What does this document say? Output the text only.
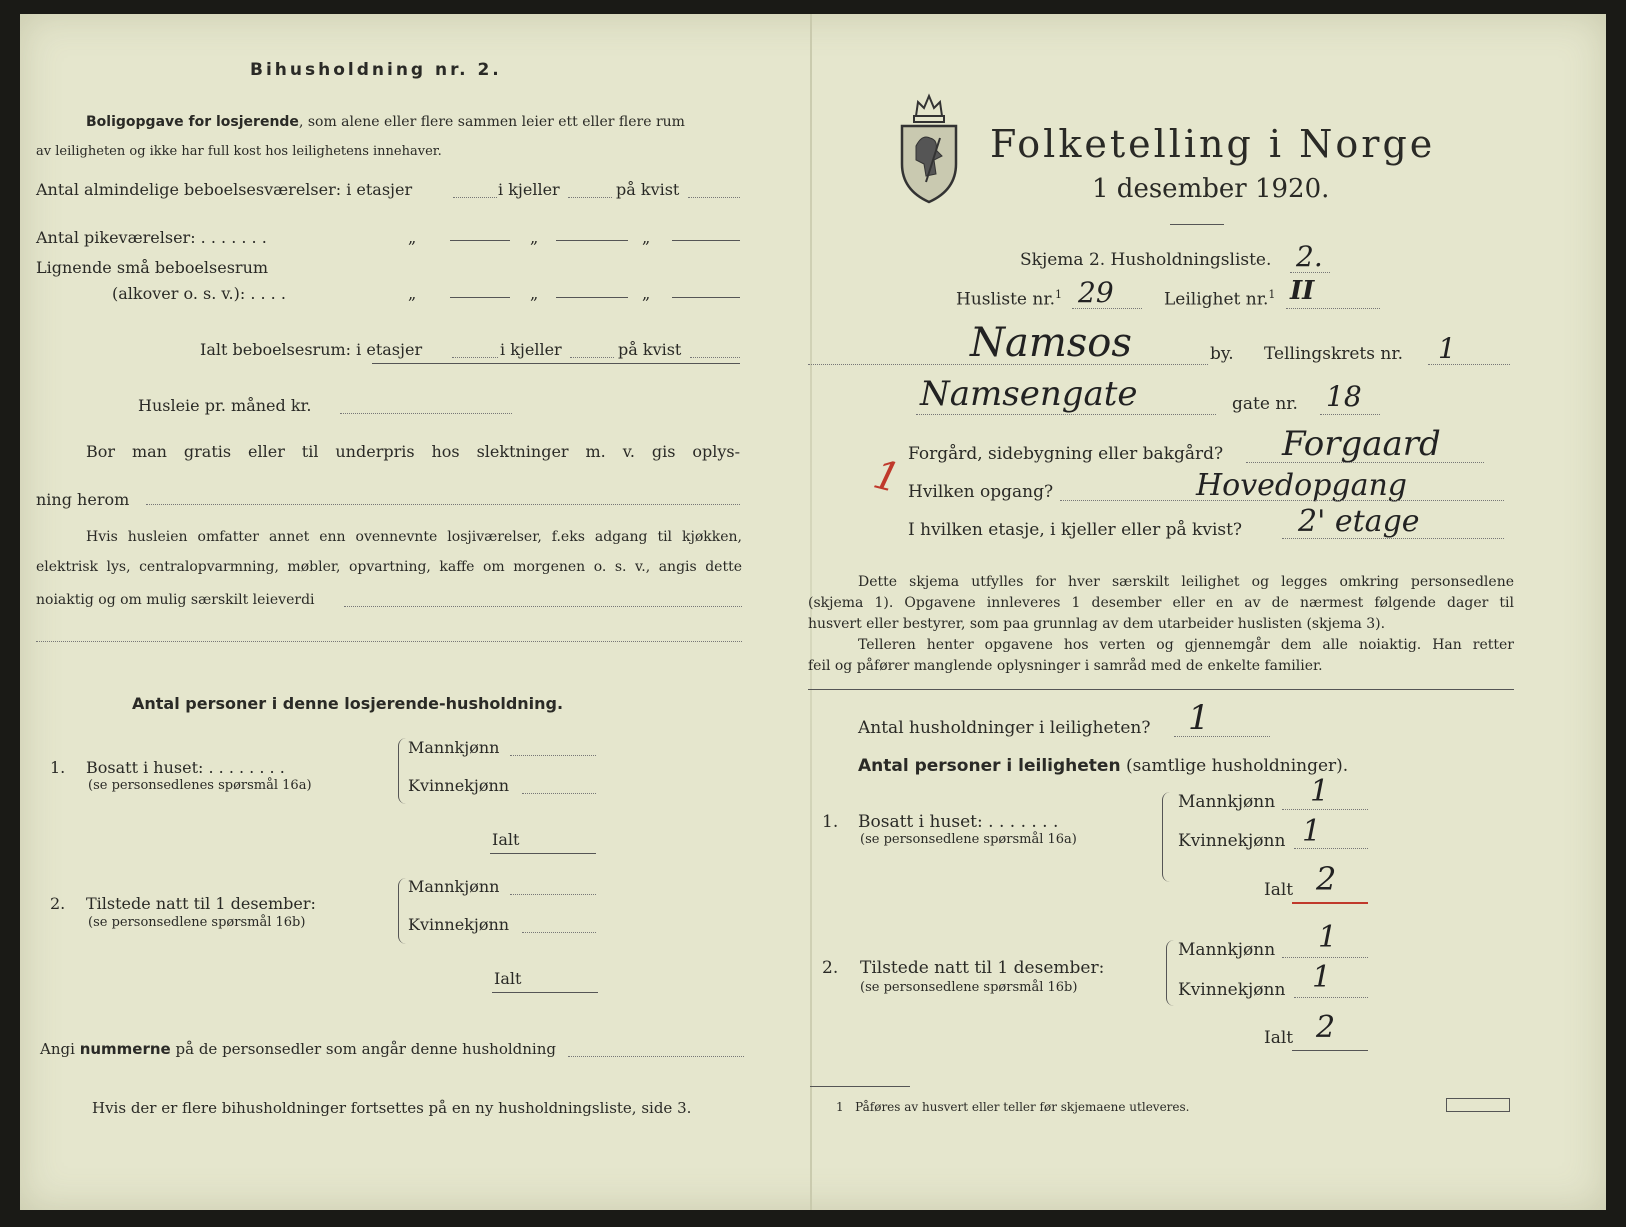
Bihusholdning nr. 2.
Boligopgave for losjerende, som alene eller flere sammen leier ett eller flere rum
av leiligheten og ikke har full kost hos leilighetens innehaver.
Antal almindelige beboelsesværelser: i etasjer	i kjeller	på kvist
Antal pikeværelser: . . . . . . .	„	„	„
Lignende små beboelsesrum
(alkover o. s. v.): . . . .	„	„	„
Ialt beboelsesrum: i etasjer	i kjeller	på kvist
Husleie pr. måned kr.
Bor man gratis eller til underpris hos slektninger m. v. gis oplys-
ning herom
Hvis husleien omfatter annet enn ovennevnte losjiværelser, f.eks adgang til kjøkken,
elektrisk lys, centralopvarmning, møbler, opvartning, kaffe om morgenen o. s. v., angis dette
noiaktig og om mulig særskilt leieverdi
Antal personer i denne losjerende-husholdning.
1. Bosatt i huset: . . . . . . . .
(se personsedlenes spørsmål 16a)
Mannkjønn
Kvinnekjønn
Ialt
2. Tilstede natt til 1 desember:
(se personsedlene spørsmål 16b)
Mannkjønn
Kvinnekjønn
Ialt
Angi nummerne på de personsedler som angår denne husholdning
Hvis der er flere bihusholdninger fortsettes på en ny husholdningsliste, side 3.
Folketelling i Norge
1 desember 1920.
Skjema 2. Husholdningsliste. 2.
Husliste nr.$^1$ 29	Leilighet nr.$^1$ II
Namsos	by. Tellingskrets nr. 1
Namsengate	gate nr. 18
1 Forgård, sidebygning eller bakgård? Forgaard
Hvilken opgang?	Hovedopgang
I hvilken etasje, i kjeller eller på kvist? 2' etage
Dette skjema utfylles for hver særskilt leilighet og legges omkring personsedlene
(skjema 1). Opgavene innleveres 1 desember eller en av de nærmest følgende dager til
husvert eller bestyrer, som paa grunnlag av dem utarbeider huslisten (skjema 3).
Telleren henter opgavene hos verten og gjennemgår dem alle noiaktig. Han retter
feil og påfører manglende oplysninger i samråd med de enkelte familier.
Antal husholdninger i leiligheten? 1
Antal personer i leiligheten (samtlige husholdninger).
1. Bosatt i huset: . . . . . . .
(se personsedlene spørsmål 16a)
Mannkjønn 1
Kvinnekjønn 1
Ialt 2
2. Tilstede natt til 1 desember:
(se personsedlene spørsmål 16b)
Mannkjønn 1
Kvinnekjønn 1
Ialt 2
1 Påføres av husvert eller teller før skjemaene utleveres.
